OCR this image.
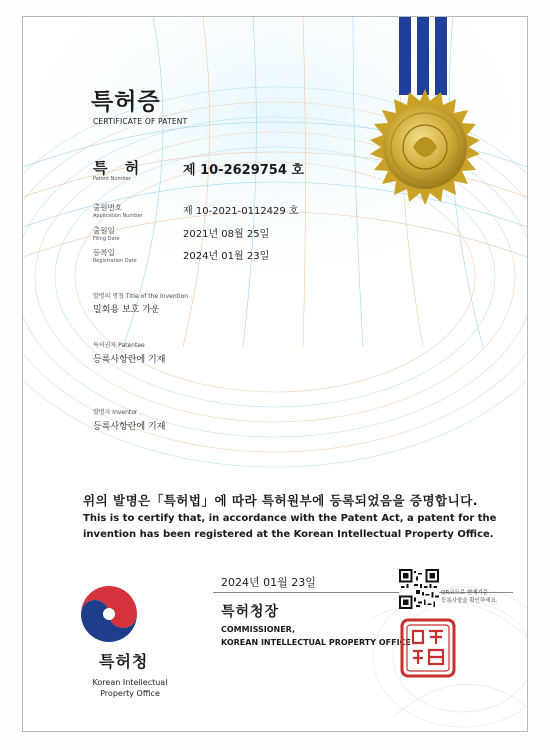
특허증
CERTIFICATE OF PATENT
특 허
Patent Number
제 10-2629754 호
출원번호
Application Number	제 10-2021-0112429 호
출원일
Filing Date	2021년 08월 25일
등록일
Registration Date	2024년 01월 23일
발명의 명칭 Title of the Invention
밀회용 보호 가운
특허권자 Patentee
등록사항란에 기재
발명자 Inventor
등록사항란에 기재
위의 발명은「특허법」에 따라 특허원부에 등록되었음을 증명합니다.
This is to certify that, in accordance with the Patent Act, a patent for the
invention has been registered at the Korean Intellectual Property Office.
특허청
Korean Intellectual
Property Office
2024년 01월 23일
특허청장
COMMISSIONER,
KOREAN INTELLECTUAL PROPERTY OFFICE
QR코드로 현재기준
등록사항을 확인하세요.
